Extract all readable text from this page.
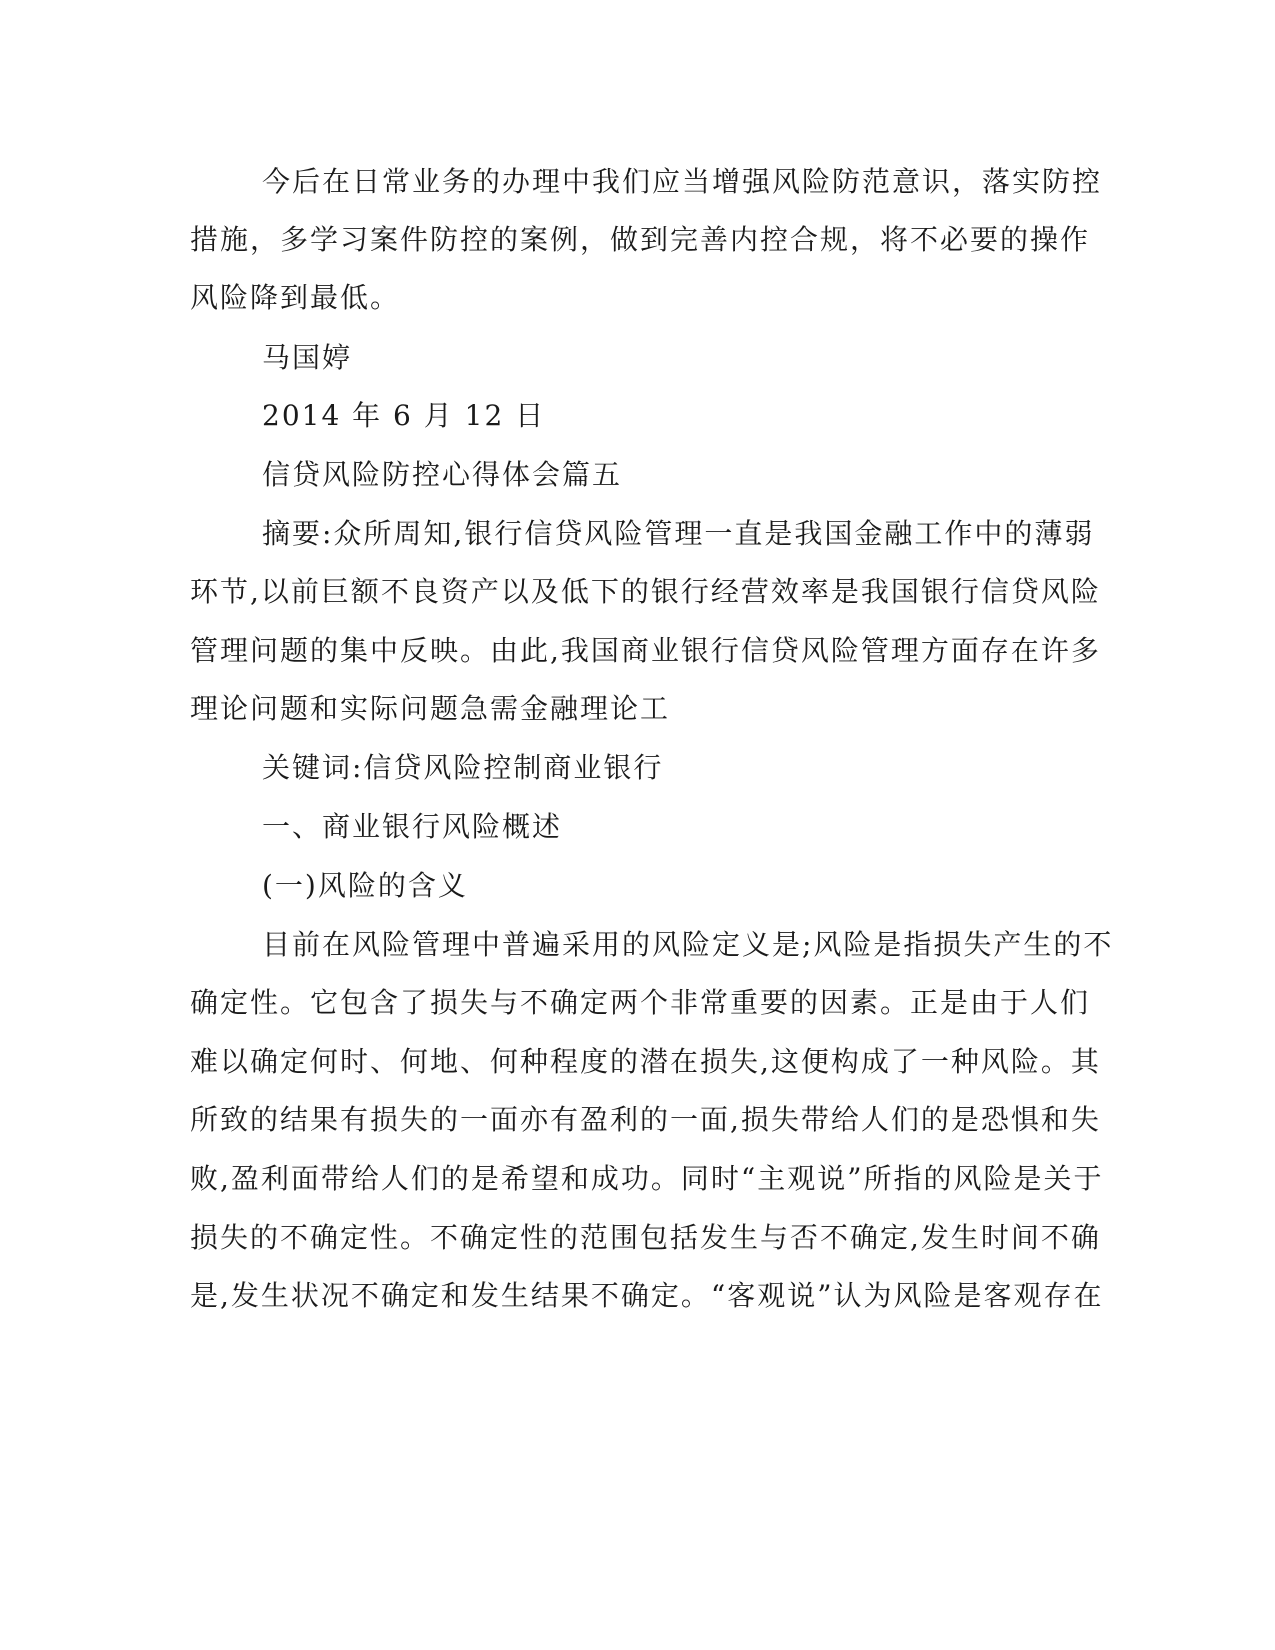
今后在日常业务的办理中我们应当增强风险防范意识，落实防控
措施，多学习案件防控的案例，做到完善内控合规，将不必要的操作
风险降到最低。
马国婷
2014 年 6 月 12 日
信贷风险防控心得体会篇五
摘要:众所周知,银行信贷风险管理一直是我国金融工作中的薄弱
环节,以前巨额不良资产以及低下的银行经营效率是我国银行信贷风险
管理问题的集中反映。由此,我国商业银行信贷风险管理方面存在许多
理论问题和实际问题急需金融理论工
关键词:信贷风险控制商业银行
一、商业银行风险概述
(一)风险的含义
目前在风险管理中普遍采用的风险定义是;风险是指损失产生的不
确定性。它包含了损失与不确定两个非常重要的因素。正是由于人们
难以确定何时、何地、何种程度的潜在损失,这便构成了一种风险。其
所致的结果有损失的一面亦有盈利的一面,损失带给人们的是恐惧和失
败,盈利面带给人们的是希望和成功。同时“主观说”所指的风险是关于
损失的不确定性。不确定性的范围包括发生与否不确定,发生时间不确
是,发生状况不确定和发生结果不确定。“客观说”认为风险是客观存在
